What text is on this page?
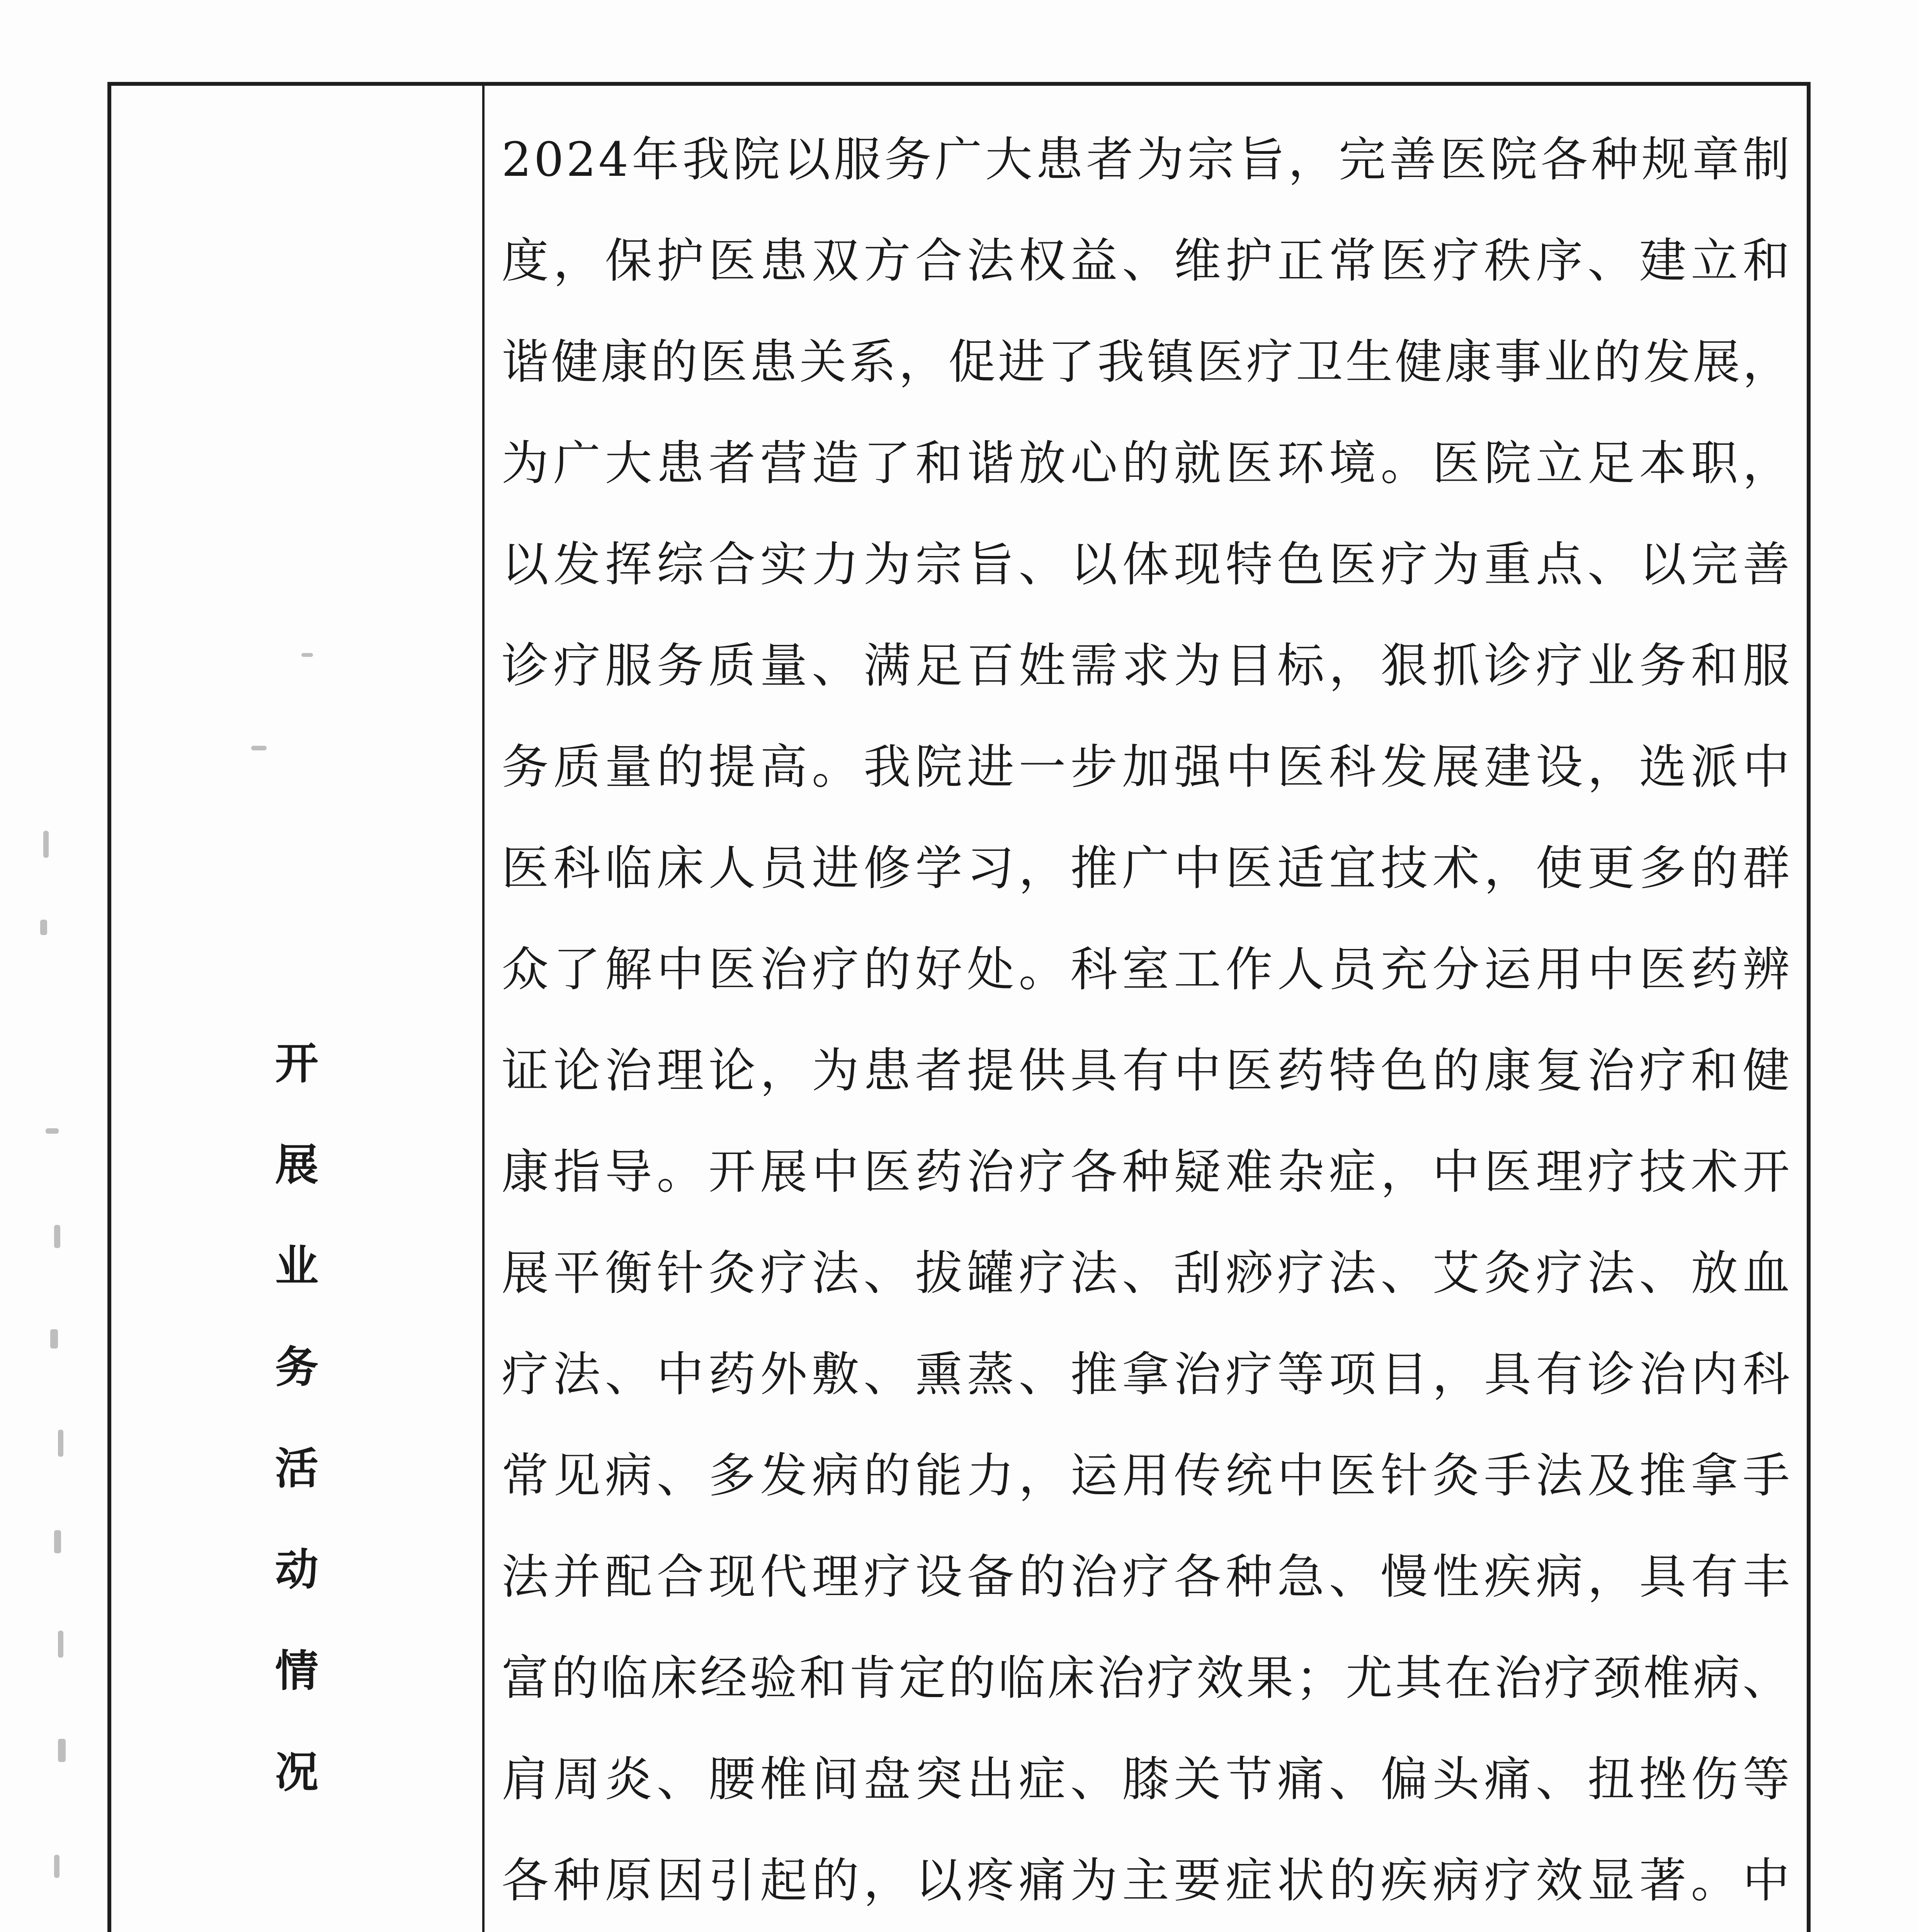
开
展
业
务
活
动
情
况
2024年我院以服务广大患者为宗旨，完善医院各种规章制
度，保护医患双方合法权益、维护正常医疗秩序、建立和
谐健康的医患关系，促进了我镇医疗卫生健康事业的发展，
为广大患者营造了和谐放心的就医环境。医院立足本职，
以发挥综合实力为宗旨、以体现特色医疗为重点、以完善
诊疗服务质量、满足百姓需求为目标，狠抓诊疗业务和服
务质量的提高。我院进一步加强中医科发展建设，选派中
医科临床人员进修学习，推广中医适宜技术，使更多的群
众了解中医治疗的好处。科室工作人员充分运用中医药辨
证论治理论，为患者提供具有中医药特色的康复治疗和健
康指导。开展中医药治疗各种疑难杂症，中医理疗技术开
展平衡针灸疗法、拔罐疗法、刮痧疗法、艾灸疗法、放血
疗法、中药外敷、熏蒸、推拿治疗等项目，具有诊治内科
常见病、多发病的能力，运用传统中医针灸手法及推拿手
法并配合现代理疗设备的治疗各种急、慢性疾病，具有丰
富的临床经验和肯定的临床治疗效果；尤其在治疗颈椎病、
肩周炎、腰椎间盘突出症、膝关节痛、偏头痛、扭挫伤等
各种原因引起的，以疼痛为主要症状的疾病疗效显著。中
